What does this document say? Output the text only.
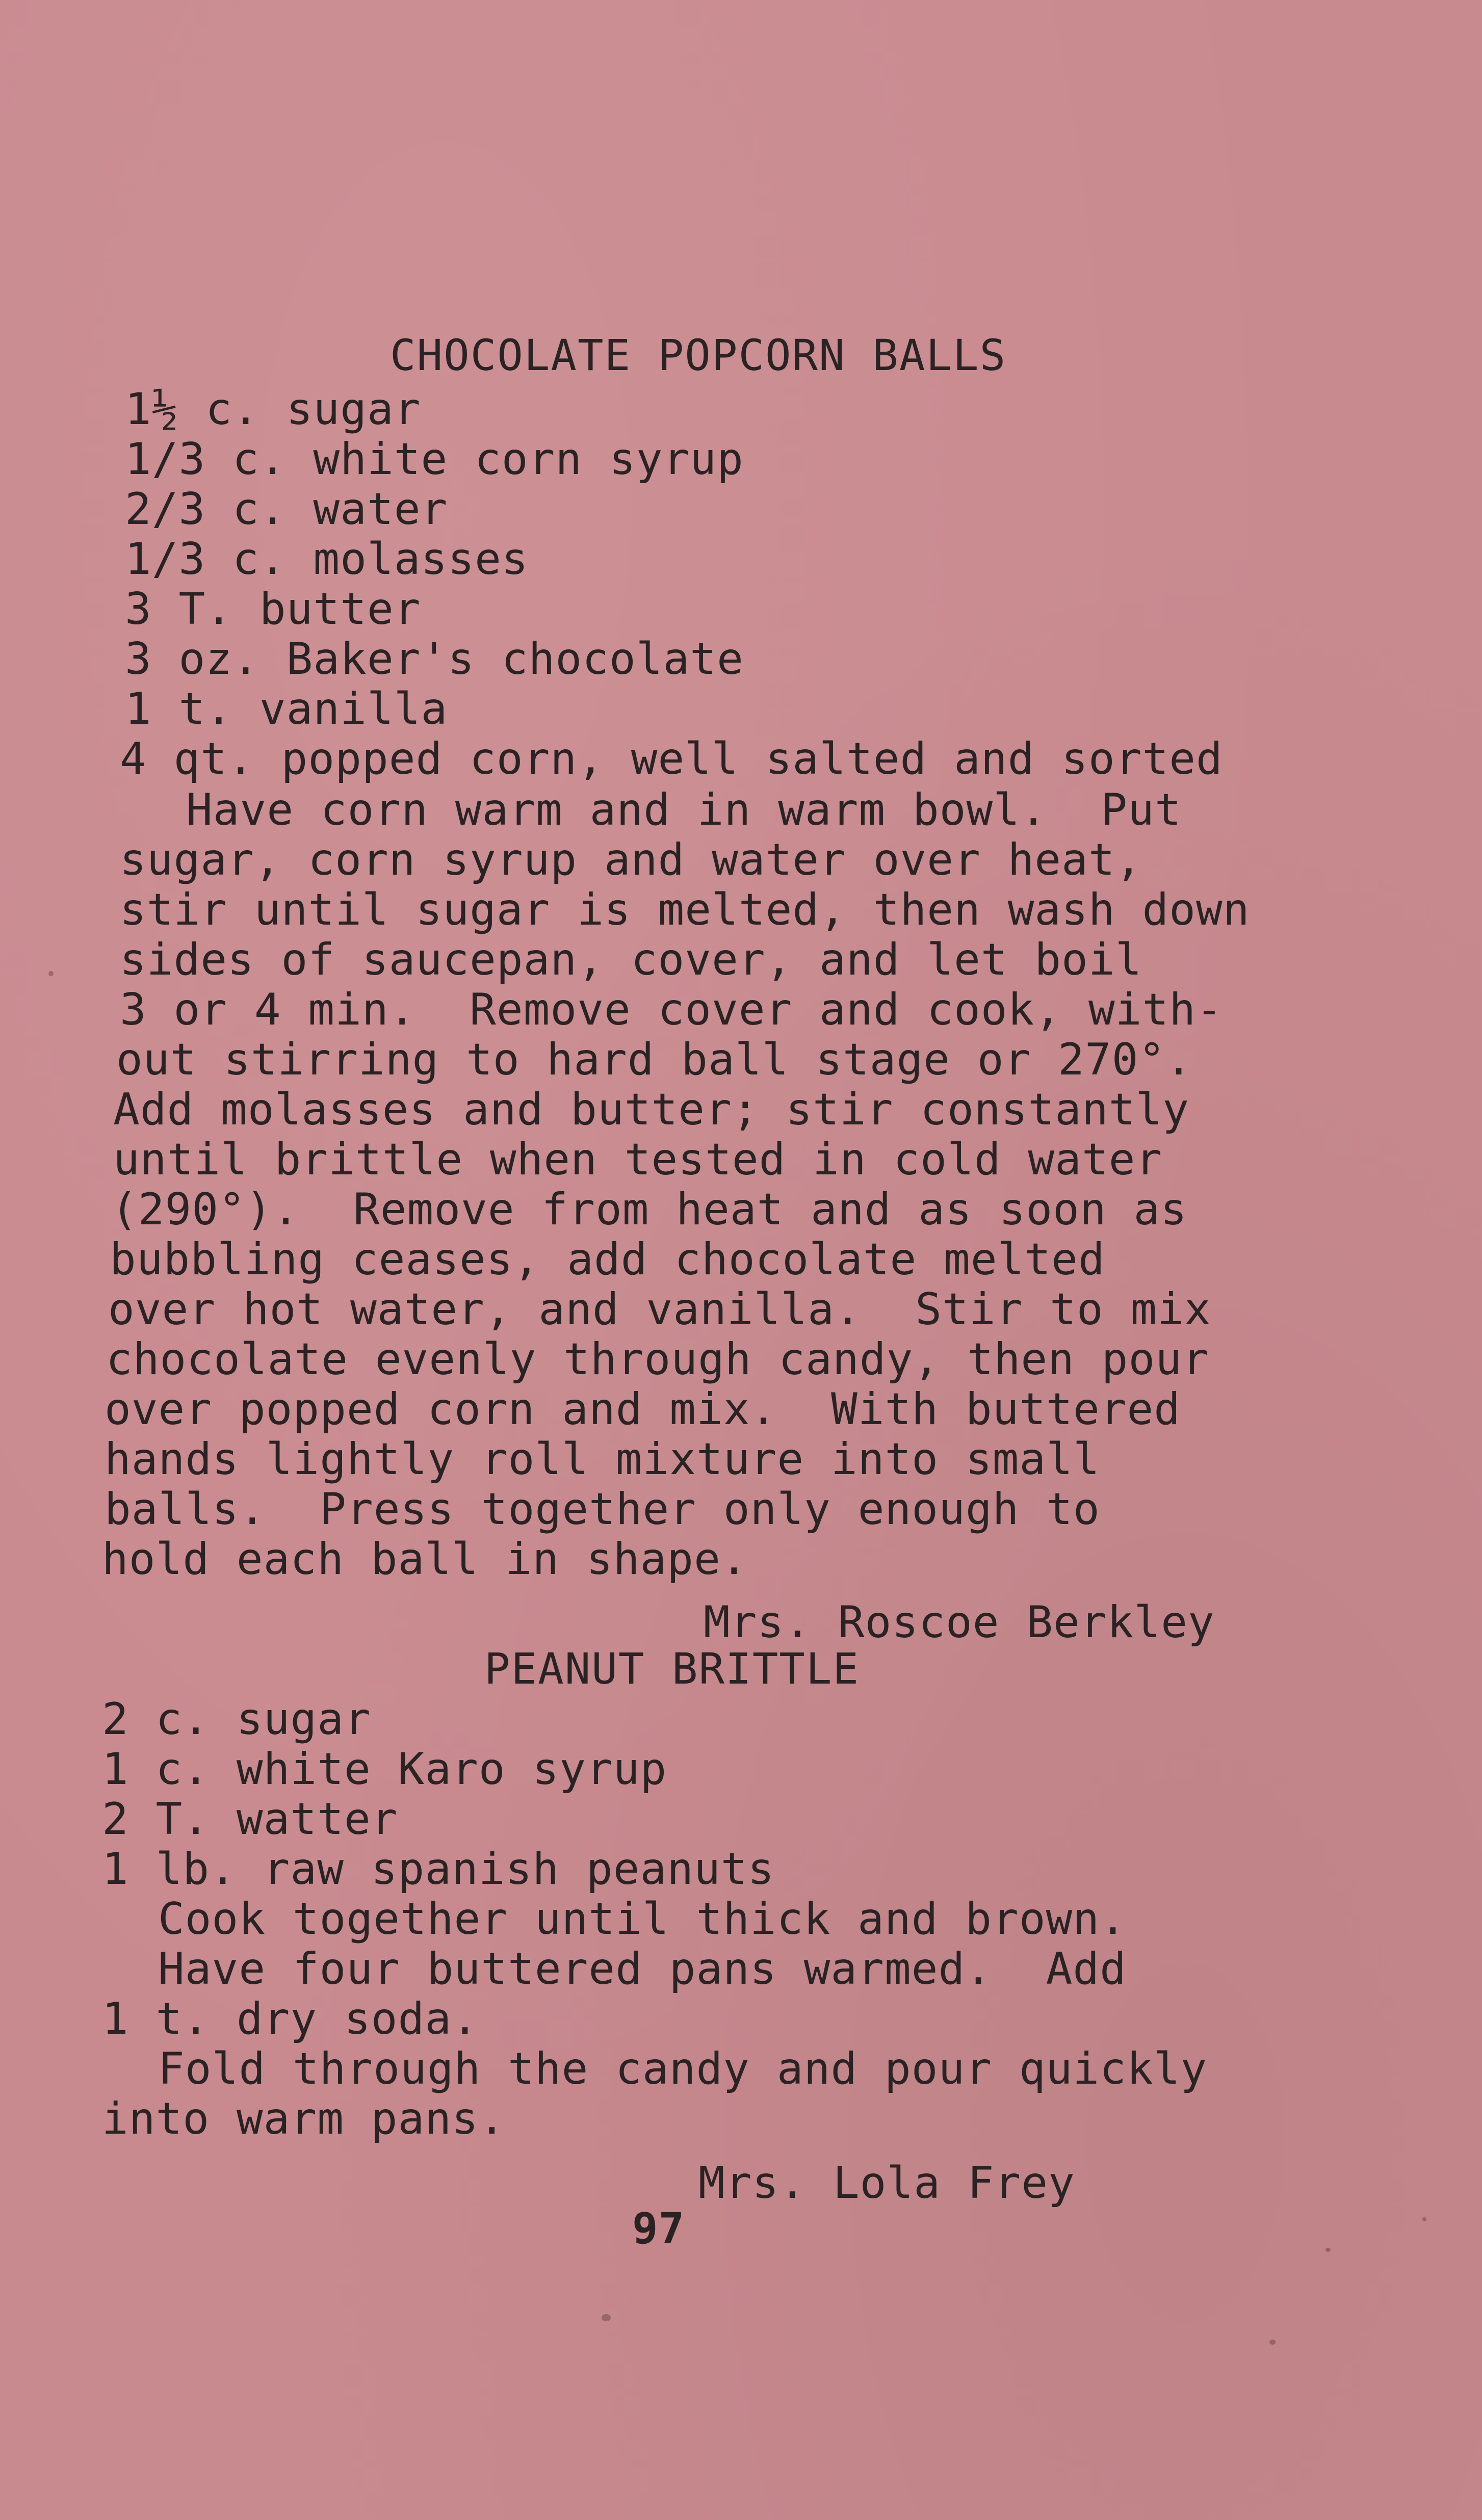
CHOCOLATE POPCORN BALLS
1½ c. sugar
1/3 c. white corn syrup
2/3 c. water
1/3 c. molasses
3 T. butter
3 oz. Baker's chocolate
1 t. vanilla
4 qt. popped corn, well salted and sorted
Have corn warm and in warm bowl.  Put
sugar, corn syrup and water over heat,
stir until sugar is melted, then wash down
sides of saucepan, cover, and let boil
3 or 4 min.  Remove cover and cook, with-
out stirring to hard ball stage or 270°.
Add molasses and butter; stir constantly
until brittle when tested in cold water
(290°).  Remove from heat and as soon as
bubbling ceases, add chocolate melted
over hot water, and vanilla.  Stir to mix
chocolate evenly through candy, then pour
over popped corn and mix.  With buttered
hands lightly roll mixture into small
balls.  Press together only enough to
hold each ball in shape.
Mrs. Roscoe Berkley
PEANUT BRITTLE
2 c. sugar
1 c. white Karo syrup
2 T. watter
1 lb. raw spanish peanuts
Cook together until thick and brown.
Have four buttered pans warmed.  Add
1 t. dry soda.
Fold through the candy and pour quickly
into warm pans.
Mrs. Lola Frey
97
